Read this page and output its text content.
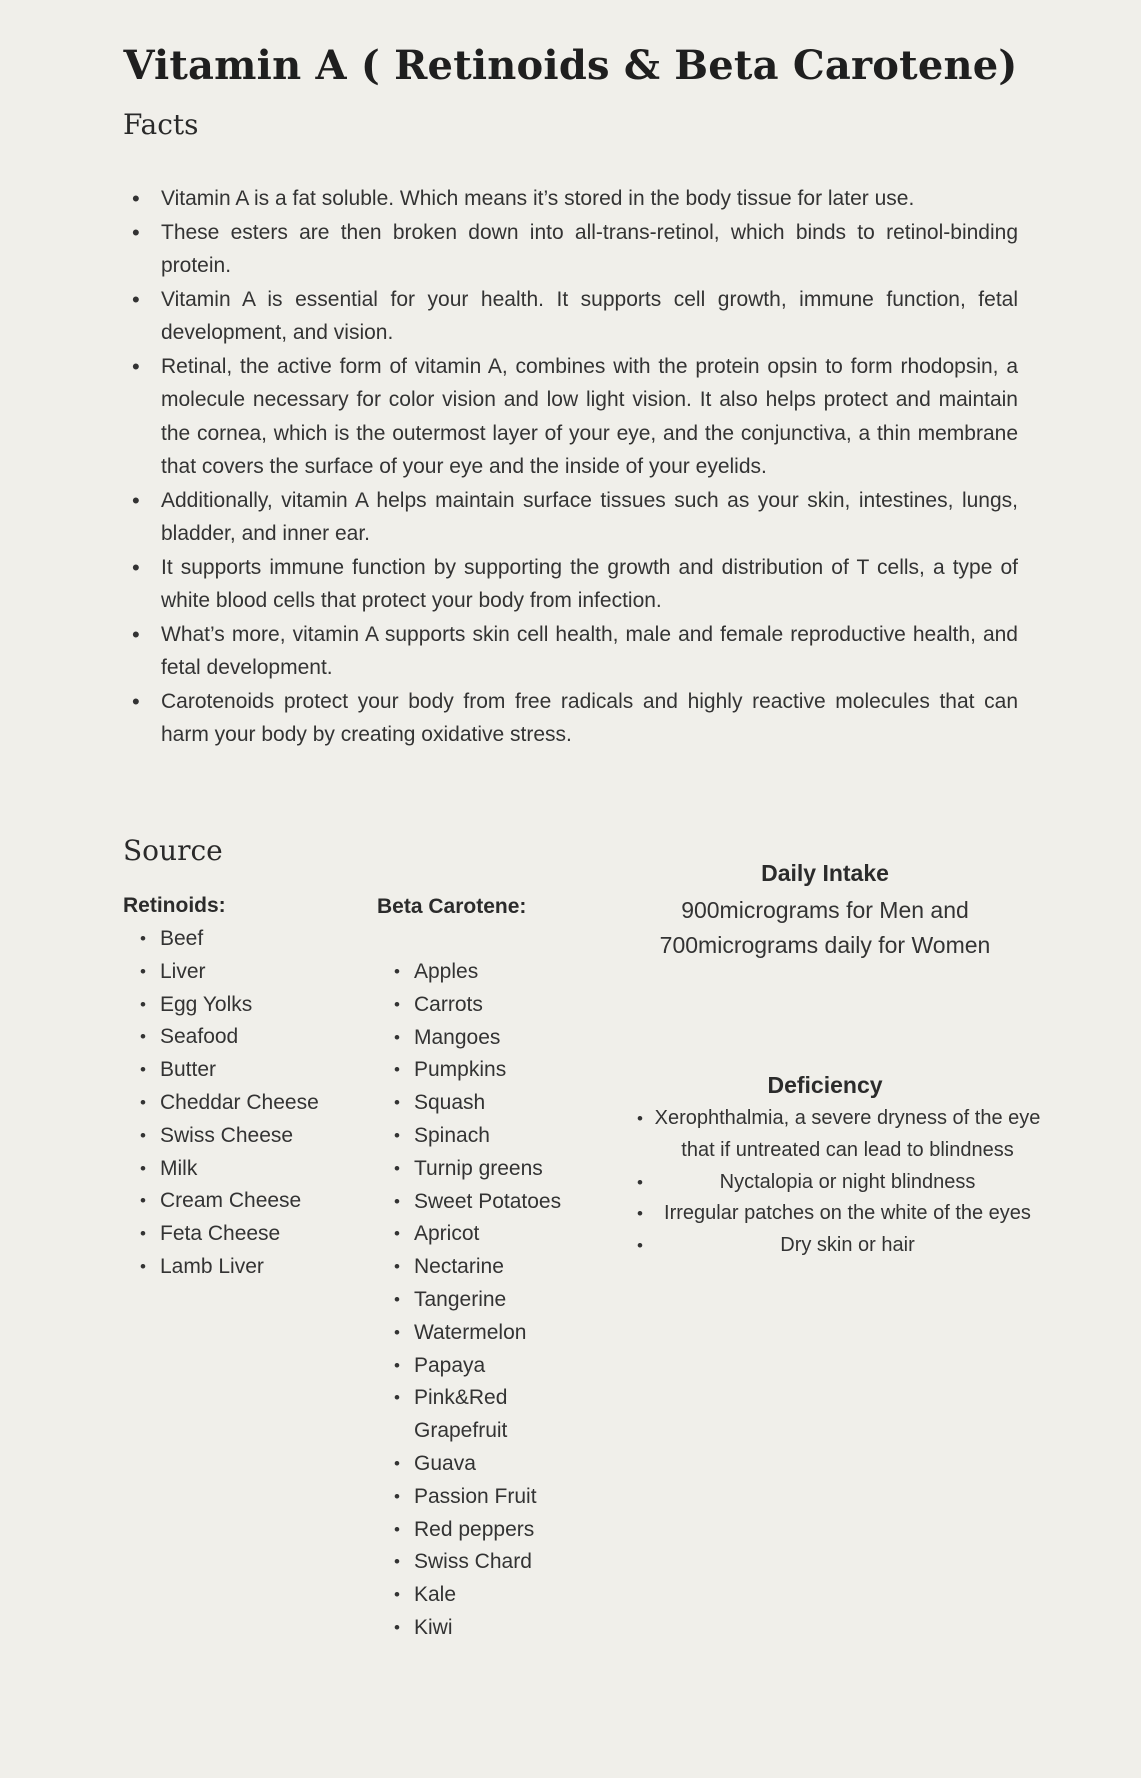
Vitamin A ( Retinoids & Beta Carotene)
Facts
• Vitamin A is a fat soluble. Which means it’s stored in the body tissue for later use.
• These esters are then broken down into all-trans-retinol, which binds to retinol-binding protein.
• Vitamin A is essential for your health. It supports cell growth, immune function, fetal development, and vision.
• Retinal, the active form of vitamin A, combines with the protein opsin to form rhodopsin, a molecule necessary for color vision and low light vision. It also helps protect and maintain the cornea, which is the outermost layer of your eye, and the conjunctiva, a thin membrane that covers the surface of your eye and the inside of your eyelids.
• Additionally, vitamin A helps maintain surface tissues such as your skin, intestines, lungs, bladder, and inner ear.
• It supports immune function by supporting the growth and distribution of T cells, a type of white blood cells that protect your body from infection.
• What’s more, vitamin A supports skin cell health, male and female reproductive health, and fetal development.
• Carotenoids protect your body from free radicals and highly reactive molecules that can harm your body by creating oxidative stress.
Source
Retinoids:
• Beef
• Liver
• Egg Yolks
• Seafood
• Butter
• Cheddar Cheese
• Swiss Cheese
• Milk
• Cream Cheese
• Feta Cheese
• Lamb Liver
Beta Carotene:
• Apples
• Carrots
• Mangoes
• Pumpkins
• Squash
• Spinach
• Turnip greens
• Sweet Potatoes
• Apricot
• Nectarine
• Tangerine
• Watermelon
• Papaya
• Pink&Red Grapefruit
• Guava
• Passion Fruit
• Red peppers
• Swiss Chard
• Kale
• Kiwi
Daily Intake
900micrograms for Men and
700micrograms daily for Women
Deficiency
• Xerophthalmia, a severe dryness of the eye that if untreated can lead to blindness
• Nyctalopia or night blindness
• Irregular patches on the white of the eyes
• Dry skin or hair
